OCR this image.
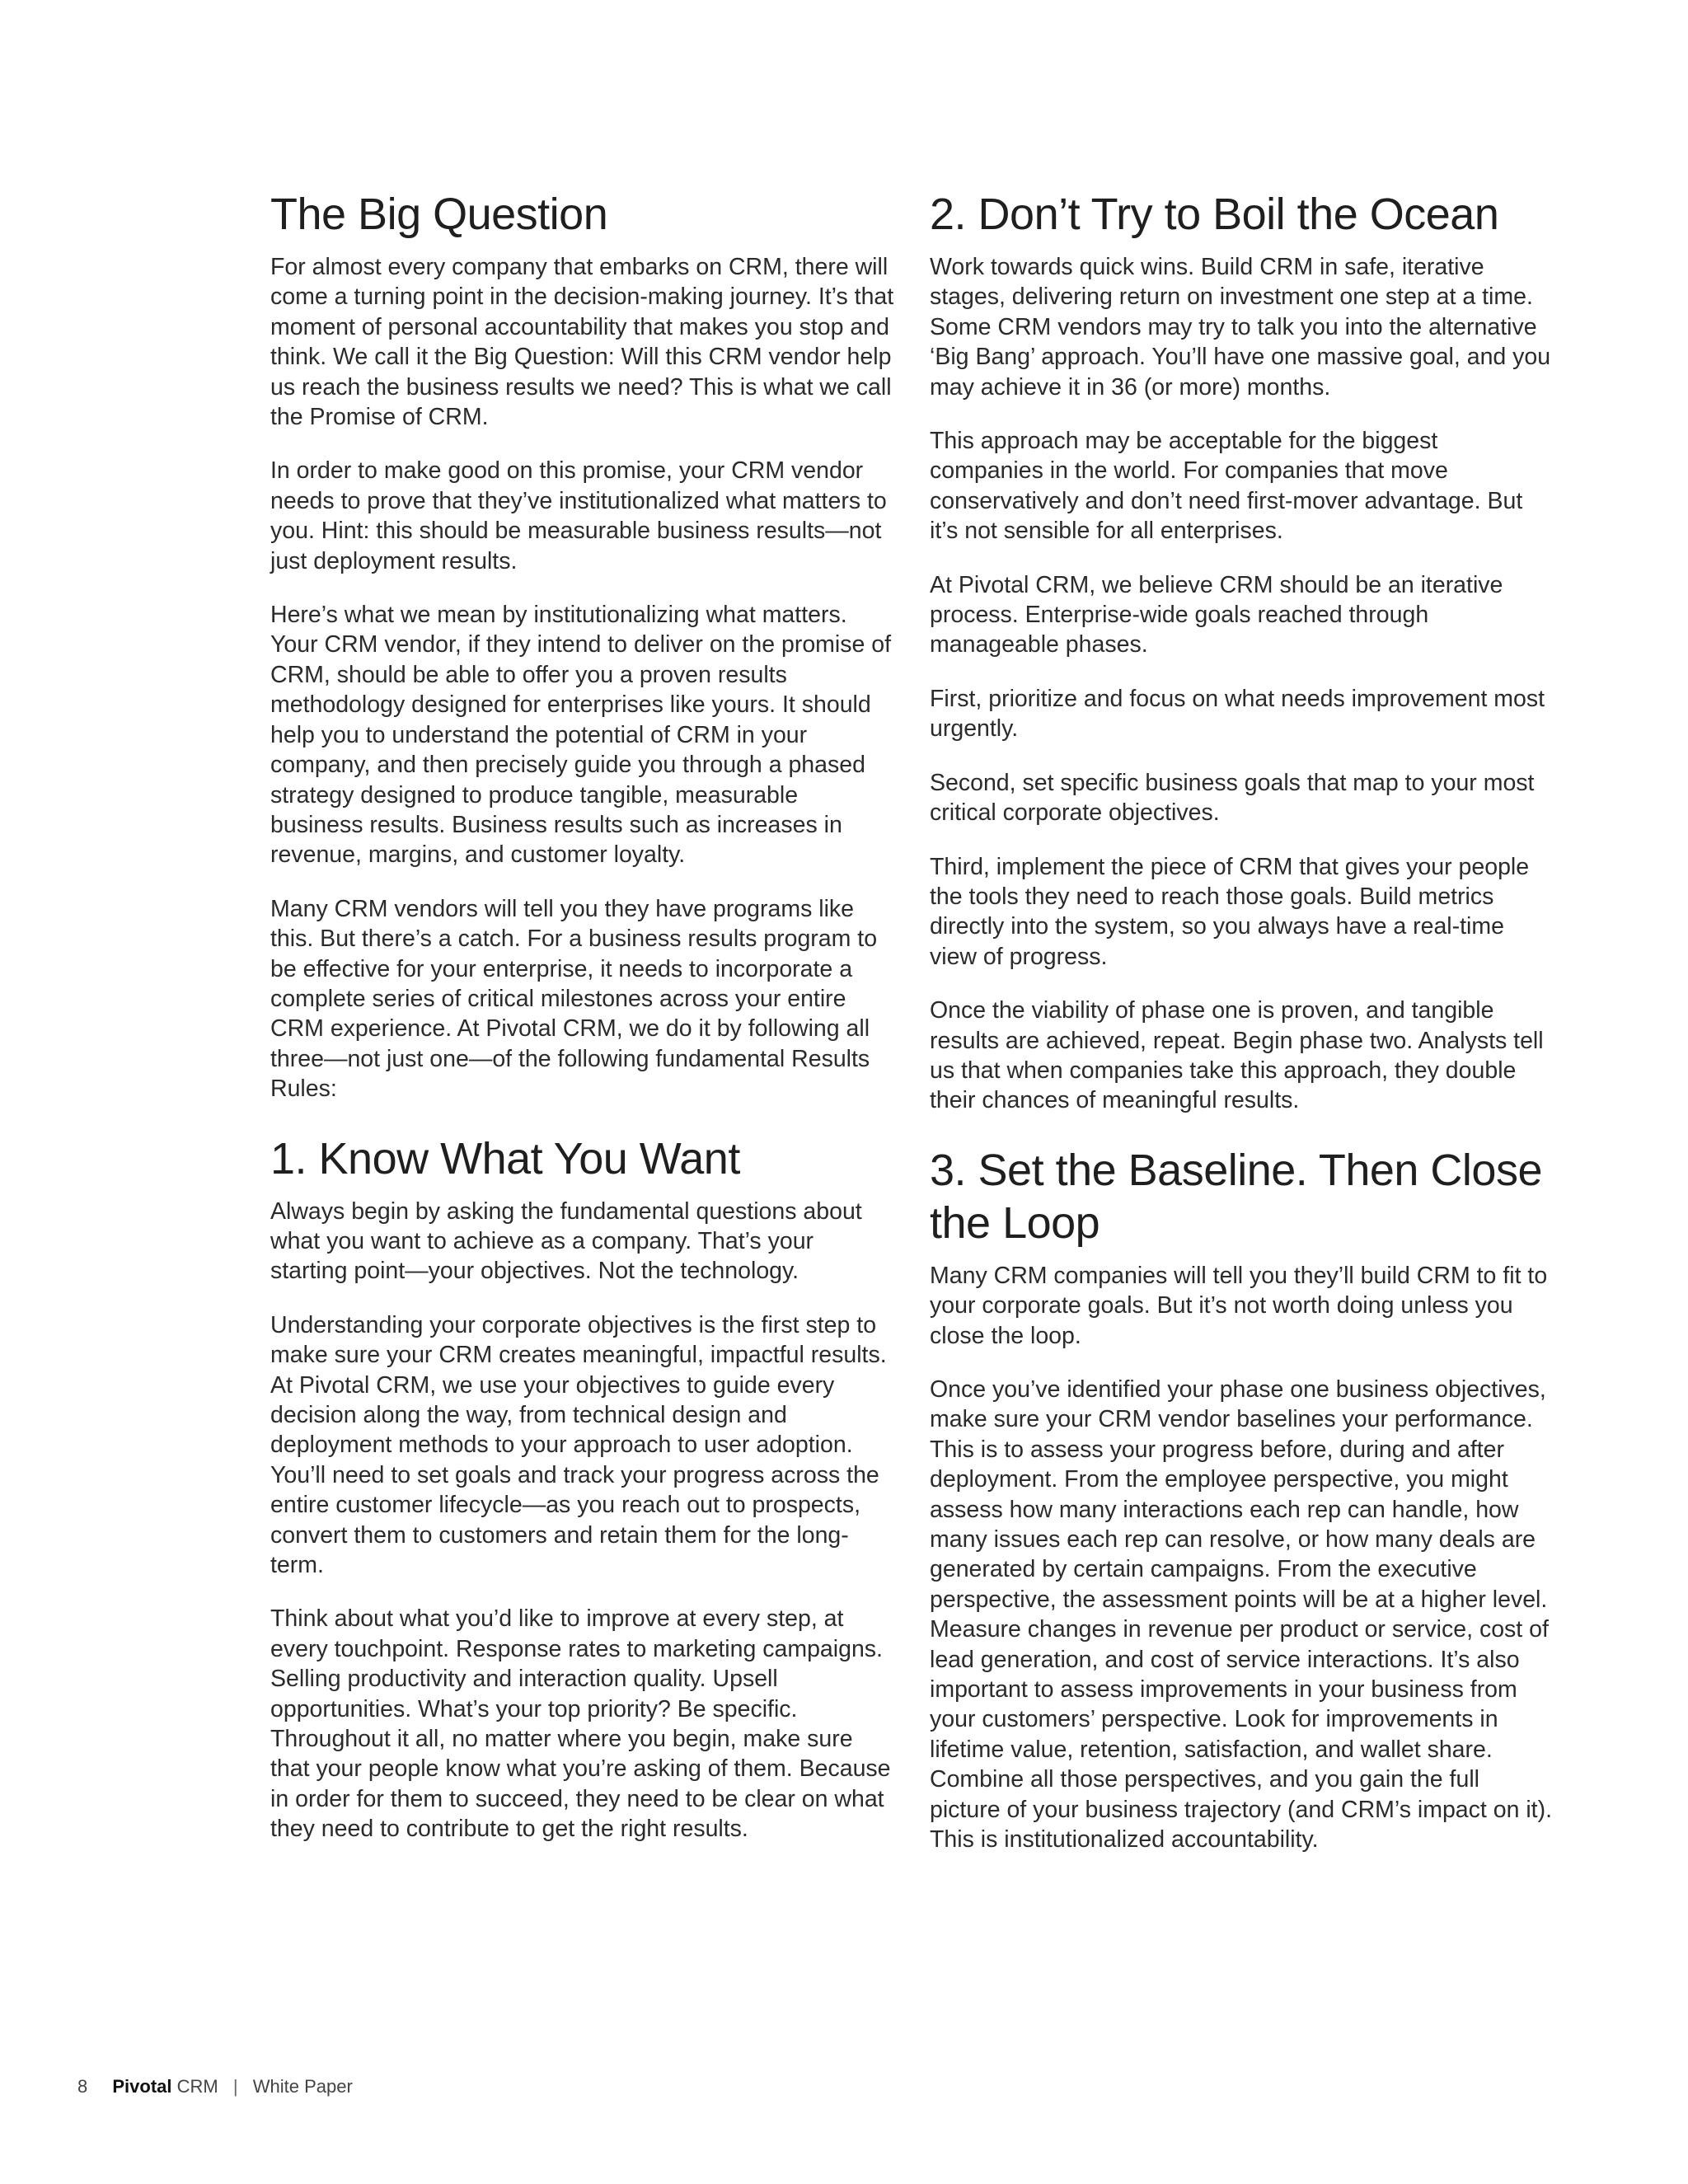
The Big Question

For almost every company that embarks on CRM, there will come a turning point in the decision-making journey. It’s that moment of personal accountability that makes you stop and think. We call it the Big Question: Will this CRM vendor help us reach the business results we need? This is what we call the Promise of CRM.

In order to make good on this promise, your CRM vendor needs to prove that they’ve institutionalized what matters to you. Hint: this should be measurable business results—not just deployment results.

Here’s what we mean by institutionalizing what matters. Your CRM vendor, if they intend to deliver on the promise of CRM, should be able to offer you a proven results methodology designed for enterprises like yours. It should help you to understand the potential of CRM in your company, and then precisely guide you through a phased strategy designed to produce tangible, measurable business results. Business results such as increases in revenue, margins, and customer loyalty.

Many CRM vendors will tell you they have programs like this. But there’s a catch. For a business results program to be effective for your enterprise, it needs to incorporate a complete series of critical milestones across your entire CRM experience. At Pivotal CRM, we do it by following all three—not just one—of the following fundamental Results Rules:

1. Know What You Want

Always begin by asking the fundamental questions about what you want to achieve as a company. That’s your starting point—your objectives. Not the technology.

Understanding your corporate objectives is the first step to make sure your CRM creates meaningful, impactful results. At Pivotal CRM, we use your objectives to guide every decision along the way, from technical design and deployment methods to your approach to user adoption. You’ll need to set goals and track your progress across the entire customer lifecycle—as you reach out to prospects, convert them to customers and retain them for the long-term.

Think about what you’d like to improve at every step, at every touchpoint. Response rates to marketing campaigns. Selling productivity and interaction quality. Upsell opportunities. What’s your top priority? Be specific. Throughout it all, no matter where you begin, make sure that your people know what you’re asking of them. Because in order for them to succeed, they need to be clear on what they need to contribute to get the right results.

2. Don’t Try to Boil the Ocean

Work towards quick wins. Build CRM in safe, iterative stages, delivering return on investment one step at a time. Some CRM vendors may try to talk you into the alternative ‘Big Bang’ approach. You’ll have one massive goal, and you may achieve it in 36 (or more) months.

This approach may be acceptable for the biggest companies in the world. For companies that move conservatively and don’t need first-mover advantage. But it’s not sensible for all enterprises.

At Pivotal CRM, we believe CRM should be an iterative process. Enterprise-wide goals reached through manageable phases.

First, prioritize and focus on what needs improvement most urgently.

Second, set specific business goals that map to your most critical corporate objectives.

Third, implement the piece of CRM that gives your people the tools they need to reach those goals. Build metrics directly into the system, so you always have a real-time view of progress.

Once the viability of phase one is proven, and tangible results are achieved, repeat. Begin phase two. Analysts tell us that when companies take this approach, they double their chances of meaningful results.

3. Set the Baseline. Then Close the Loop

Many CRM companies will tell you they’ll build CRM to fit to your corporate goals. But it’s not worth doing unless you close the loop.

Once you’ve identified your phase one business objectives, make sure your CRM vendor baselines your performance. This is to assess your progress before, during and after deployment. From the employee perspective, you might assess how many interactions each rep can handle, how many issues each rep can resolve, or how many deals are generated by certain campaigns. From the executive perspective, the assessment points will be at a higher level. Measure changes in revenue per product or service, cost of lead generation, and cost of service interactions. It’s also important to assess improvements in your business from your customers’ perspective. Look for improvements in lifetime value, retention, satisfaction, and wallet share. Combine all those perspectives, and you gain the full picture of your business trajectory (and CRM’s impact on it). This is institutionalized accountability.

8 Pivotal CRM | White Paper
